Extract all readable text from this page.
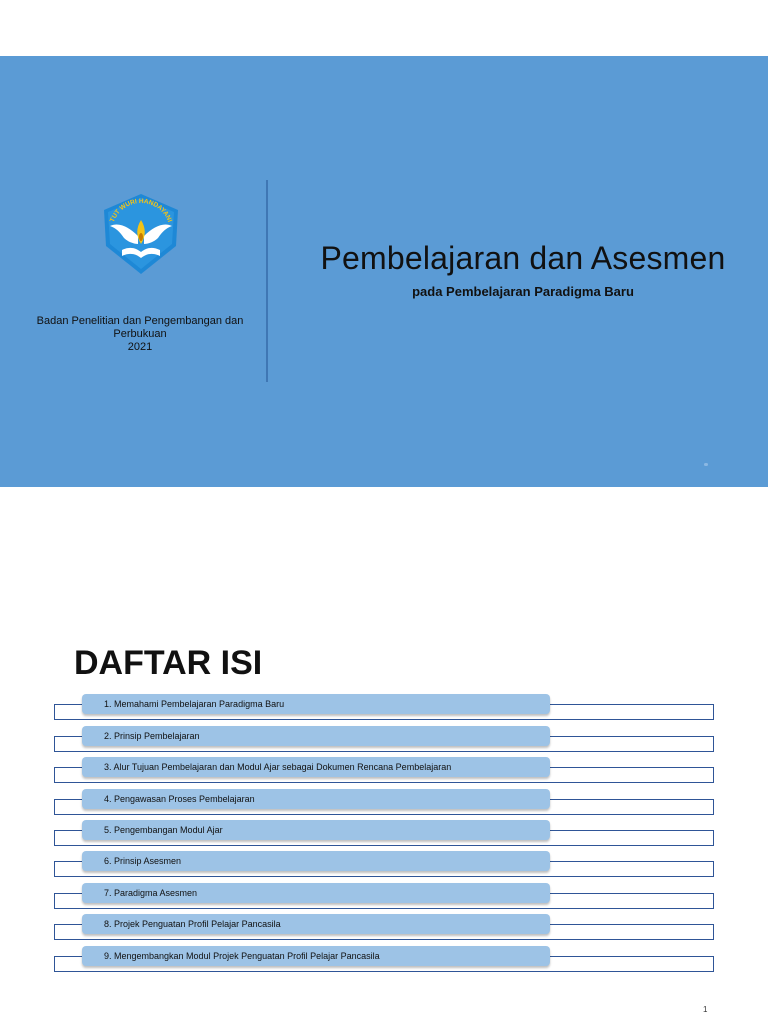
TUT WURI HANDAYANI
Badan Penelitian dan Pengembangan dan Perbukuan
2021
Pembelajaran dan Asesmen
pada Pembelajaran Paradigma Baru
DAFTAR ISI
1. Memahami Pembelajaran Paradigma Baru
2. Prinsip Pembelajaran
3. Alur Tujuan Pembelajaran dan Modul Ajar sebagai Dokumen Rencana Pembelajaran
4. Pengawasan Proses Pembelajaran
5. Pengembangan Modul Ajar
6. Prinsip Asesmen
7. Paradigma Asesmen
8. Projek Penguatan Profil Pelajar Pancasila
9. Mengembangkan Modul Projek Penguatan Profil Pelajar Pancasila
1
